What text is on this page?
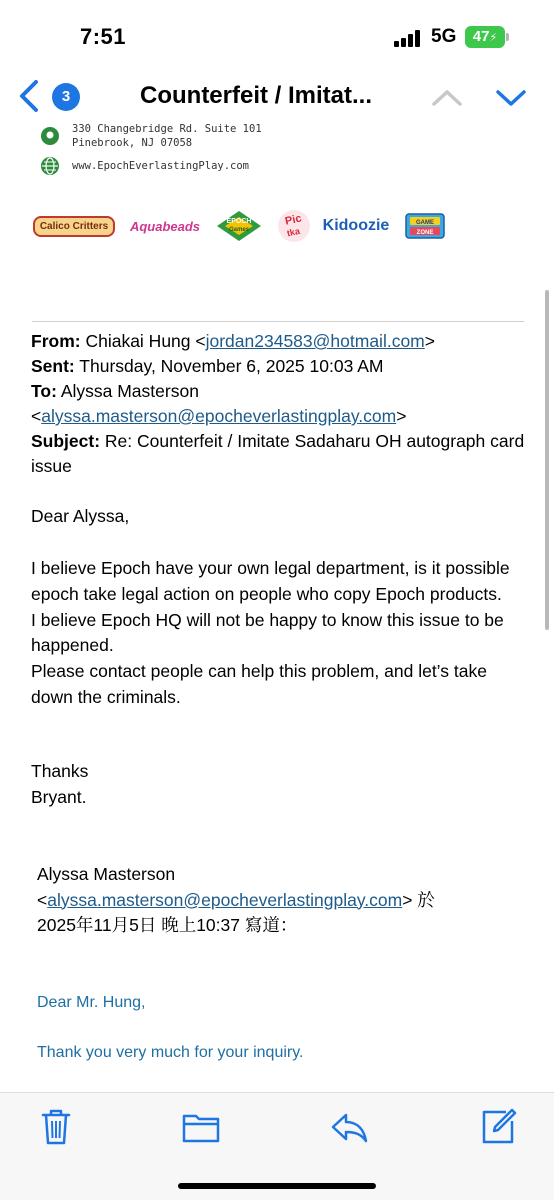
7:51	5G	47⚡
3	Counterfeit / Imitat...
330 Changebridge Rd. Suite 101
Pinebrook, NJ 07058
www.EpochEverlastingPlay.com
Calico Critters	Aquabeads	EPOCH
Games
Pic
tka Kidoozie	GAME
ZONE
From: Chiakai Hung <jordan234583@hotmail.com>
Sent: Thursday, November 6, 2025 10:03 AM
To: Alyssa Masterson
<alyssa.masterson@epocheverlastingplay.com>
Subject: Re: Counterfeit / Imitate Sadaharu OH autograph card issue
Dear Alyssa,
I believe Epoch have your own legal department, is it possible epoch take legal action on people who copy Epoch products.
I believe Epoch HQ will not be happy to know this issue to be happened.
Please contact people can help this problem, and let’s take down the criminals.
Thanks
Bryant.
Alyssa Masterson
<alyssa.masterson@epocheverlastingplay.com> 於
2025年11月5日 晚上10:37 寫道：
Dear Mr. Hung,
Thank you very much for your inquiry.
